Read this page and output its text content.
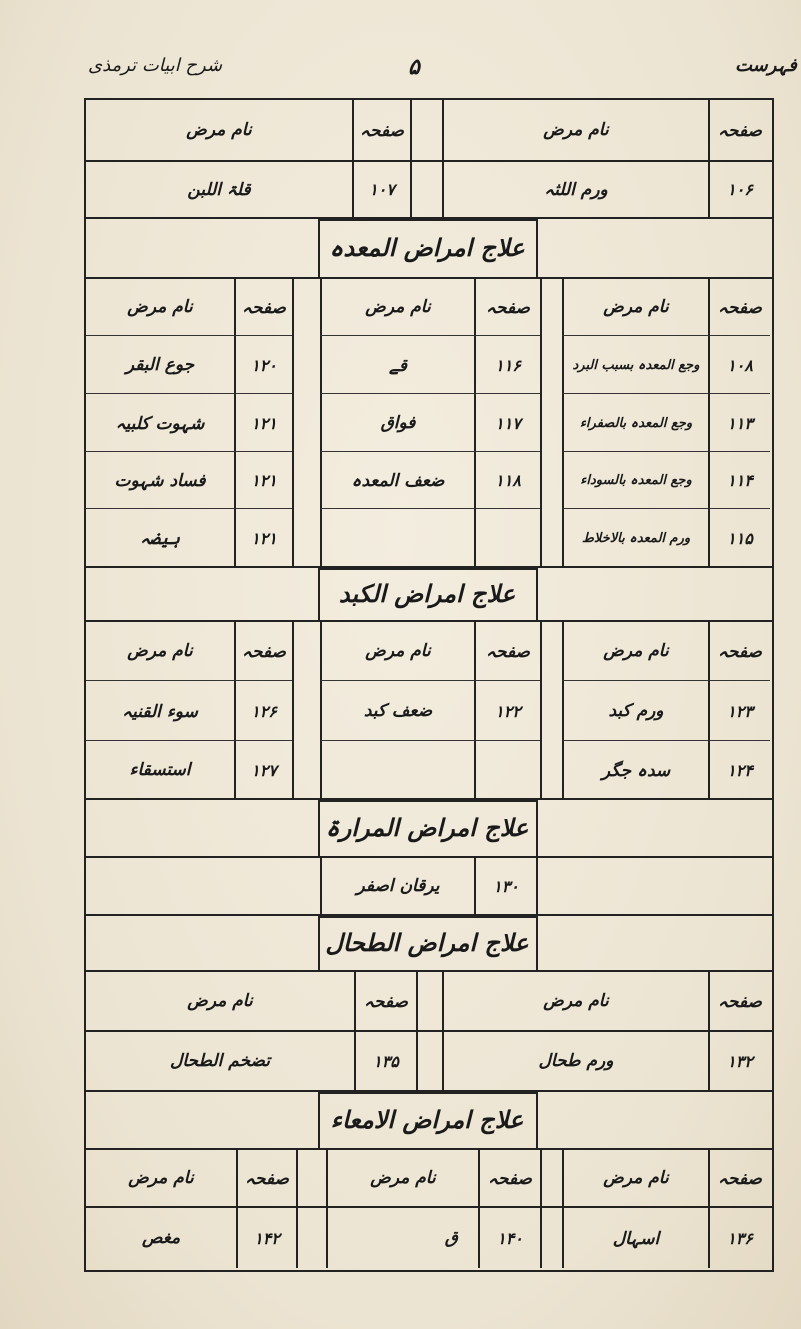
شرح ابیات ترمذی	۵	فہرست
صفحہ
نام مرض
صفحہ
نام مرض
۱۰۶
ورم اللثہ
۱۰۷
قلۃ اللبن
علاج امراض المعدہ
صفحہ
نام مرض
صفحہ
نام مرض
صفحہ
نام مرض
۱۰۸
وجع المعدہ بسبب البرد
۱۱۳
وجع المعدہ بالصفراء
۱۱۴
وجع المعدہ بالسوداء
۱۱۵
ورم المعدہ بالاخلاط
۱۱۶
قے
۱۱۷
فواق
۱۱۸
ضعف المعدہ
۱۲۰
جوع البقر
۱۲۱
شہوت کلبیہ
۱۲۱
فساد شہوت
۱۲۱
ہیضہ
علاج امراض الکبد
صفحہ
نام مرض
صفحہ
نام مرض
صفحہ
نام مرض
۱۲۳
ورم کبد
۱۲۴
سدہ جگر
۱۲۲
ضعف کبد
۱۲۶
سوء القنیہ
۱۲۷
استسقاء
علاج امراض المرارۃ
۱۳۰
یرقان اصفر
علاج امراض الطحال
صفحہ
نام مرض
صفحہ
نام مرض
۱۳۲
ورم طحال
۱۳۵
تضخم الطحال
علاج امراض الامعاء
صفحہ
نام مرض
صفحہ
نام مرض
صفحہ
نام مرض
۱۳۶
اسہال
۱۴۰
ق
۱۴۲
مغص
